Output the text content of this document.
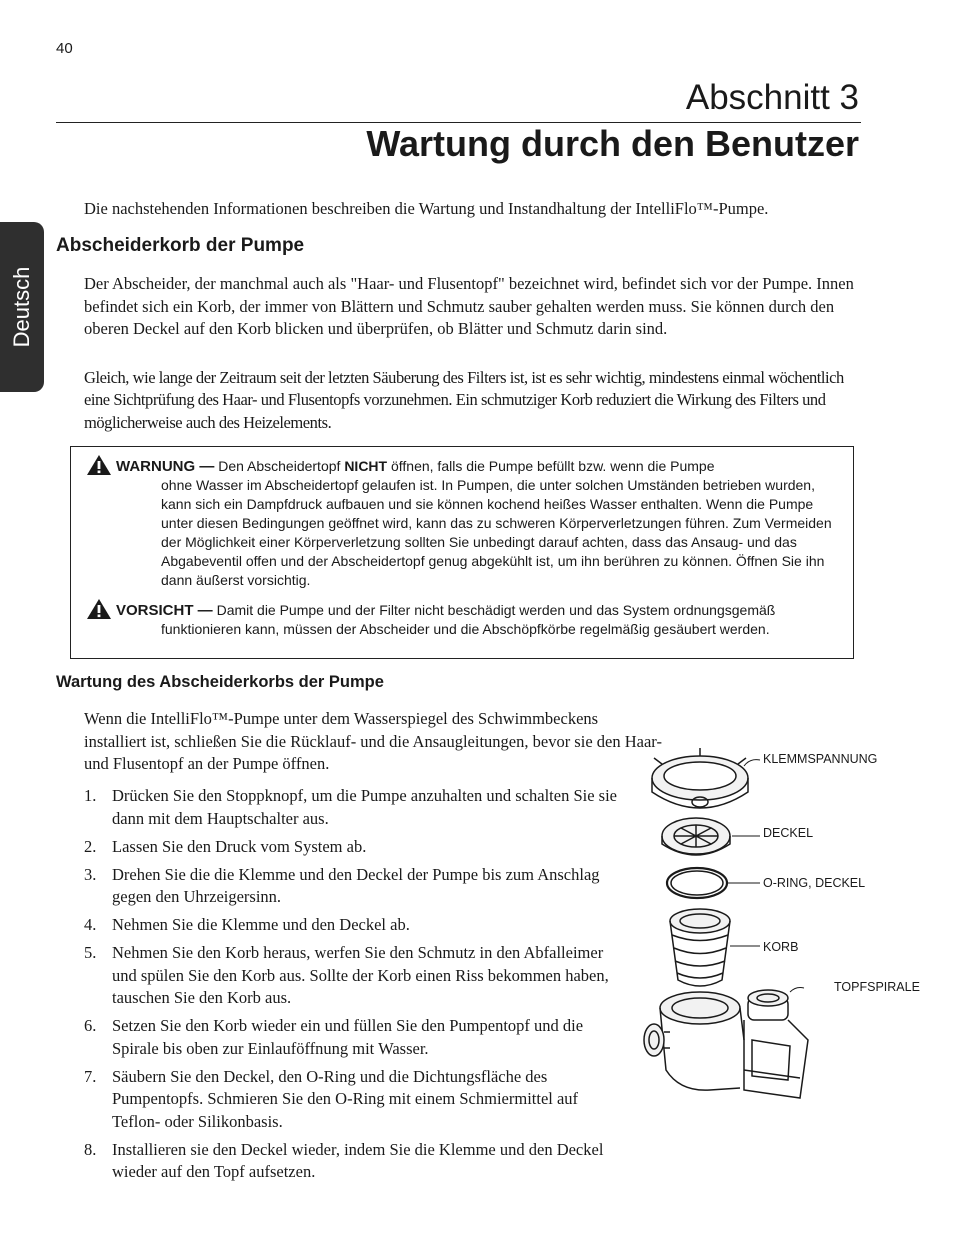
40
Deutsch
Abschnitt 3
Wartung durch den Benutzer
Die nachstehenden Informationen beschreiben die Wartung und Instandhaltung der IntelliFlo™-Pumpe.
Abscheiderkorb der Pumpe
Der Abscheider, der manchmal auch als "Haar- und Flusentopf" bezeichnet wird, befindet sich vor der Pumpe. Innen befindet sich ein Korb, der immer von Blättern und Schmutz sauber gehalten werden muss. Sie können durch den oberen Deckel auf den Korb blicken und überprüfen, ob Blätter und Schmutz darin sind.
Gleich, wie lange der Zeitraum seit der letzten Säuberung des Filters ist, ist es sehr wichtig, mindestens einmal wöchentlich eine Sichtprüfung des Haar- und Flusentopfs vorzunehmen. Ein schmutziger Korb reduziert die Wirkung des Filters und möglicherweise auch des Heizelements.
WARNUNG — Den Abscheidertopf NICHT öffnen, falls die Pumpe befüllt bzw. wenn die Pumpe
ohne Wasser im Abscheidertopf gelaufen ist. In Pumpen, die unter solchen Umständen betrieben wurden, kann sich ein Dampfdruck aufbauen und sie können kochend heißes Wasser enthalten. Wenn die Pumpe unter diesen Bedingungen geöffnet wird, kann das zu schweren Körperverletzungen führen. Zum Vermeiden der Möglichkeit einer Körperverletzung sollten Sie unbedingt darauf achten, dass das Ansaug- und das Abgabeventil offen und der Abscheidertopf genug abgekühlt ist, um ihn berühren zu können. Öffnen Sie ihn dann äußerst vorsichtig.
VORSICHT — Damit die Pumpe und der Filter nicht beschädigt werden und das System ordnungsgemäß
funktionieren kann, müssen der Abscheider und die Abschöpfkörbe regelmäßig gesäubert werden.
Wartung des Abscheiderkorbs der Pumpe
Wenn die IntelliFlo™-Pumpe unter dem Wasserspiegel des Schwimmbeckens installiert ist, schließen Sie die Rücklauf- und die Ansaugleitungen, bevor sie den Haar- und Flusentopf an der Pumpe öffnen.
1. Drücken Sie den Stoppknopf, um die Pumpe anzuhalten und schalten Sie sie dann mit dem Hauptschalter aus.
2. Lassen Sie den Druck vom System ab.
3. Drehen Sie die die Klemme und den Deckel der Pumpe bis zum Anschlag gegen den Uhrzeigersinn.
4. Nehmen Sie die Klemme und den Deckel ab.
5. Nehmen Sie den Korb heraus, werfen Sie den Schmutz in den Abfalleimer und spülen Sie den Korb aus. Sollte der Korb einen Riss bekommen haben, tauschen Sie den Korb aus.
6. Setzen Sie den Korb wieder ein und füllen Sie den Pumpentopf und die Spirale bis oben zur Einlauföffnung mit Wasser.
7. Säubern Sie den Deckel, den O-Ring und die Dichtungsfläche des Pumpentopfs. Schmieren Sie den O-Ring mit einem Schmiermittel auf Teflon- oder Silikonbasis.
8. Installieren sie den Deckel wieder, indem Sie die Klemme und den Deckel wieder auf den Topf aufsetzen.
KLEMMSPANNUNG
DECKEL
O-RING, DECKEL
KORB
TOPFSPIRALE
